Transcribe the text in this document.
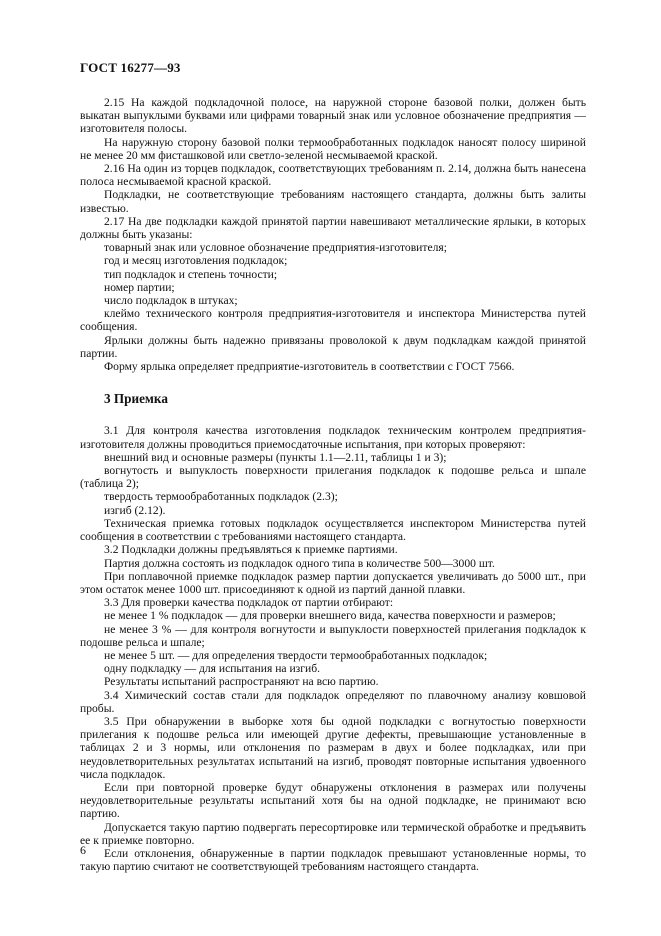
ГОСТ 16277—93

2.15 На каждой подкладочной полосе, на наружной стороне базовой полки, должен быть выкатан выпуклыми буквами или цифрами товарный знак или условное обозначение предприятия — изготовителя полосы.

На наружную сторону базовой полки термообработанных подкладок наносят полосу шириной не менее 20 мм фисташковой или светло-зеленой несмываемой краской.

2.16 На один из торцев подкладок, соответствующих требованиям п. 2.14, должна быть нанесена полоса несмываемой красной краской.

Подкладки, не соответствующие требованиям настоящего стандарта, должны быть залиты известью.

2.17 На две подкладки каждой принятой партии навешивают металлические ярлыки, в которых должны быть указаны:

товарный знак или условное обозначение предприятия-изготовителя;

год и месяц изготовления подкладок;

тип подкладок и степень точности;

номер партии;

число подкладок в штуках;

клеймо технического контроля предприятия-изготовителя и инспектора Министерства путей сообщения.

Ярлыки должны быть надежно привязаны проволокой к двум подкладкам каждой принятой партии.

Форму ярлыка определяет предприятие-изготовитель в соответствии с ГОСТ 7566.

3 Приемка

3.1 Для контроля качества изготовления подкладок техническим контролем предприятия-изготовителя должны проводиться приемосдаточные испытания, при которых проверяют:

внешний вид и основные размеры (пункты 1.1—2.11, таблицы 1 и 3);

вогнутость и выпуклость поверхности прилегания подкладок к подошве рельса и шпале (таблица 2);

твердость термообработанных подкладок (2.3);

изгиб (2.12).

Техническая приемка готовых подкладок осуществляется инспектором Министерства путей сообщения в соответствии с требованиями настоящего стандарта.

3.2 Подкладки должны предъявляться к приемке партиями.

Партия должна состоять из подкладок одного типа в количестве 500—3000 шт.

При поплавочной приемке подкладок размер партии допускается увеличивать до 5000 шт., при этом остаток менее 1000 шт. присоединяют к одной из партий данной плавки.

3.3 Для проверки качества подкладок от партии отбирают:

не менее 1 % подкладок — для проверки внешнего вида, качества поверхности и размеров;

не менее 3 % — для контроля вогнутости и выпуклости поверхностей прилегания подкладок к подошве рельса и шпале;

не менее 5 шт. — для определения твердости термообработанных подкладок;

одну подкладку — для испытания на изгиб.

Результаты испытаний распространяют на всю партию.

3.4 Химический состав стали для подкладок определяют по плавочному анализу ковшовой пробы.

3.5 При обнаружении в выборке хотя бы одной подкладки с вогнутостью поверхности прилегания к подошве рельса или имеющей другие дефекты, превышающие установленные в таблицах 2 и 3 нормы, или отклонения по размерам в двух и более подкладках, или при неудовлетворительных результатах испытаний на изгиб, проводят повторные испытания удвоенного числа подкладок.

Если при повторной проверке будут обнаружены отклонения в размерах или получены неудовлетворительные результаты испытаний хотя бы на одной подкладке, не принимают всю партию.

Допускается такую партию подвергать пересортировке или термической обработке и предъявить ее к приемке повторно.

Если отклонения, обнаруженные в партии подкладок превышают установленные нормы, то такую партию считают не соответствующей требованиям настоящего стандарта.

6
